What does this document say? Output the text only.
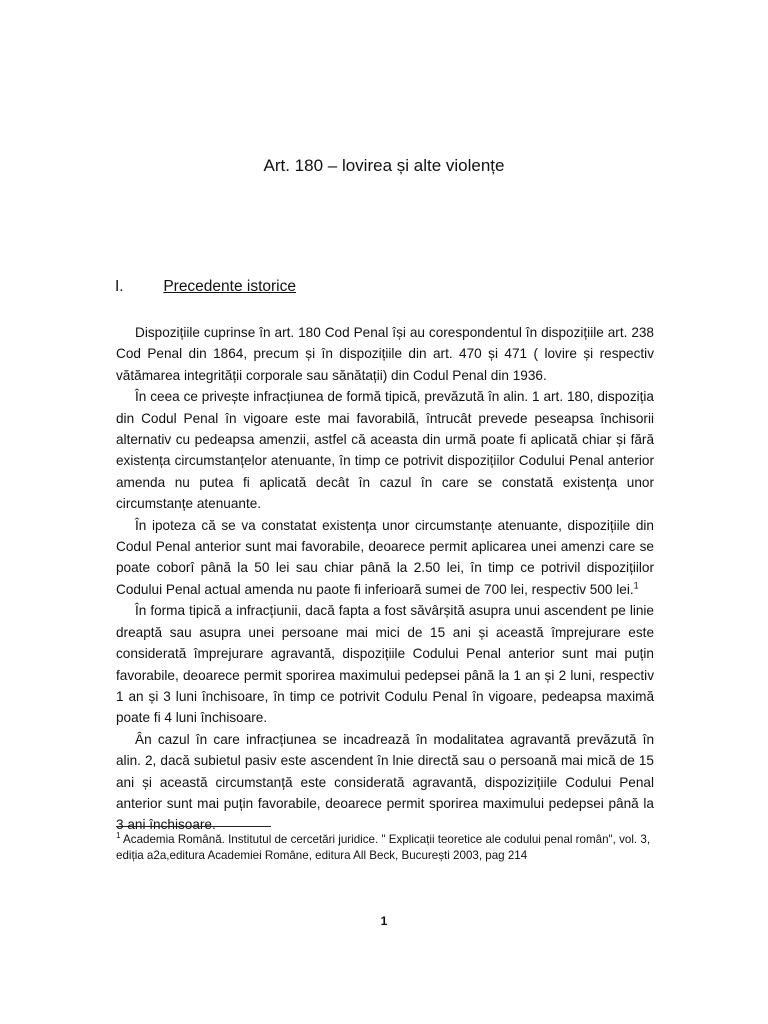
Art. 180 – lovirea și alte violențe
I.	Precedente istorice

Dispozițiile cuprinse în art. 180 Cod Penal își au corespondentul în dispozițiile art. 238 Cod Penal din 1864, precum și în dispozițiile din art. 470 și 471 ( lovire și respectiv vătămarea integrității corporale sau sănătații) din Codul Penal din 1936.

În ceea ce privește infracțiunea de formă tipică, prevăzută în alin. 1 art. 180, dispoziția din Codul Penal în vigoare este mai favorabilă, întrucât prevede peseapsa închisorii alternativ cu pedeapsa amenzii, astfel că aceasta din urmă poate fi aplicată chiar și fără existența circumstanțelor atenuante, în timp ce potrivit dispozițiilor Codului Penal anterior amenda nu putea fi aplicată decât în cazul în care se constată existența unor circumstanțe atenuante.

În ipoteza că se va constatat existența unor circumstanțe atenuante, dispozițiile din Codul Penal anterior sunt mai favorabile, deoarece permit aplicarea unei amenzi care se poate coborî până la 50 lei sau chiar până la 2.50 lei, în timp ce potrivil dispozițiilor Codului Penal actual amenda nu paote fi inferioară sumei de 700 lei, respectiv 500 lei.$^1$

În forma tipică a infracțiunii, dacă fapta a fost săvârșită asupra unui ascendent pe linie dreaptă sau asupra unei persoane mai mici de 15 ani și această împrejurare este considerată împrejurare agravantă, dispozițiile Codului Penal anterior sunt mai puțin favorabile, deoarece permit sporirea maximului pedepsei până la 1 an și 2 luni, respectiv 1 an și 3 luni închisoare, în timp ce potrivit Codulu Penal în vigoare, pedeapsa maximă poate fi 4 luni închisoare.

Ân cazul în care infracțiunea se incadrează în modalitatea agravantă prevăzută în alin. 2, dacă subietul pasiv este ascendent în lnie directă sau o persoană mai mică de 15 ani și această circumstanță este considerată agravantă, dispozizițiile Codului Penal anterior sunt mai puțin favorabile, deoarece permit sporirea maximului pedepsei până la 3 ani închisoare.

$^1$ Academia Română. Institutul de cercetări juridice. " Explicații teoretice ale codului penal român", vol. 3, ediția a2a,editura Academiei Romȃne, editura All Beck, București 2003, pag 214
1
